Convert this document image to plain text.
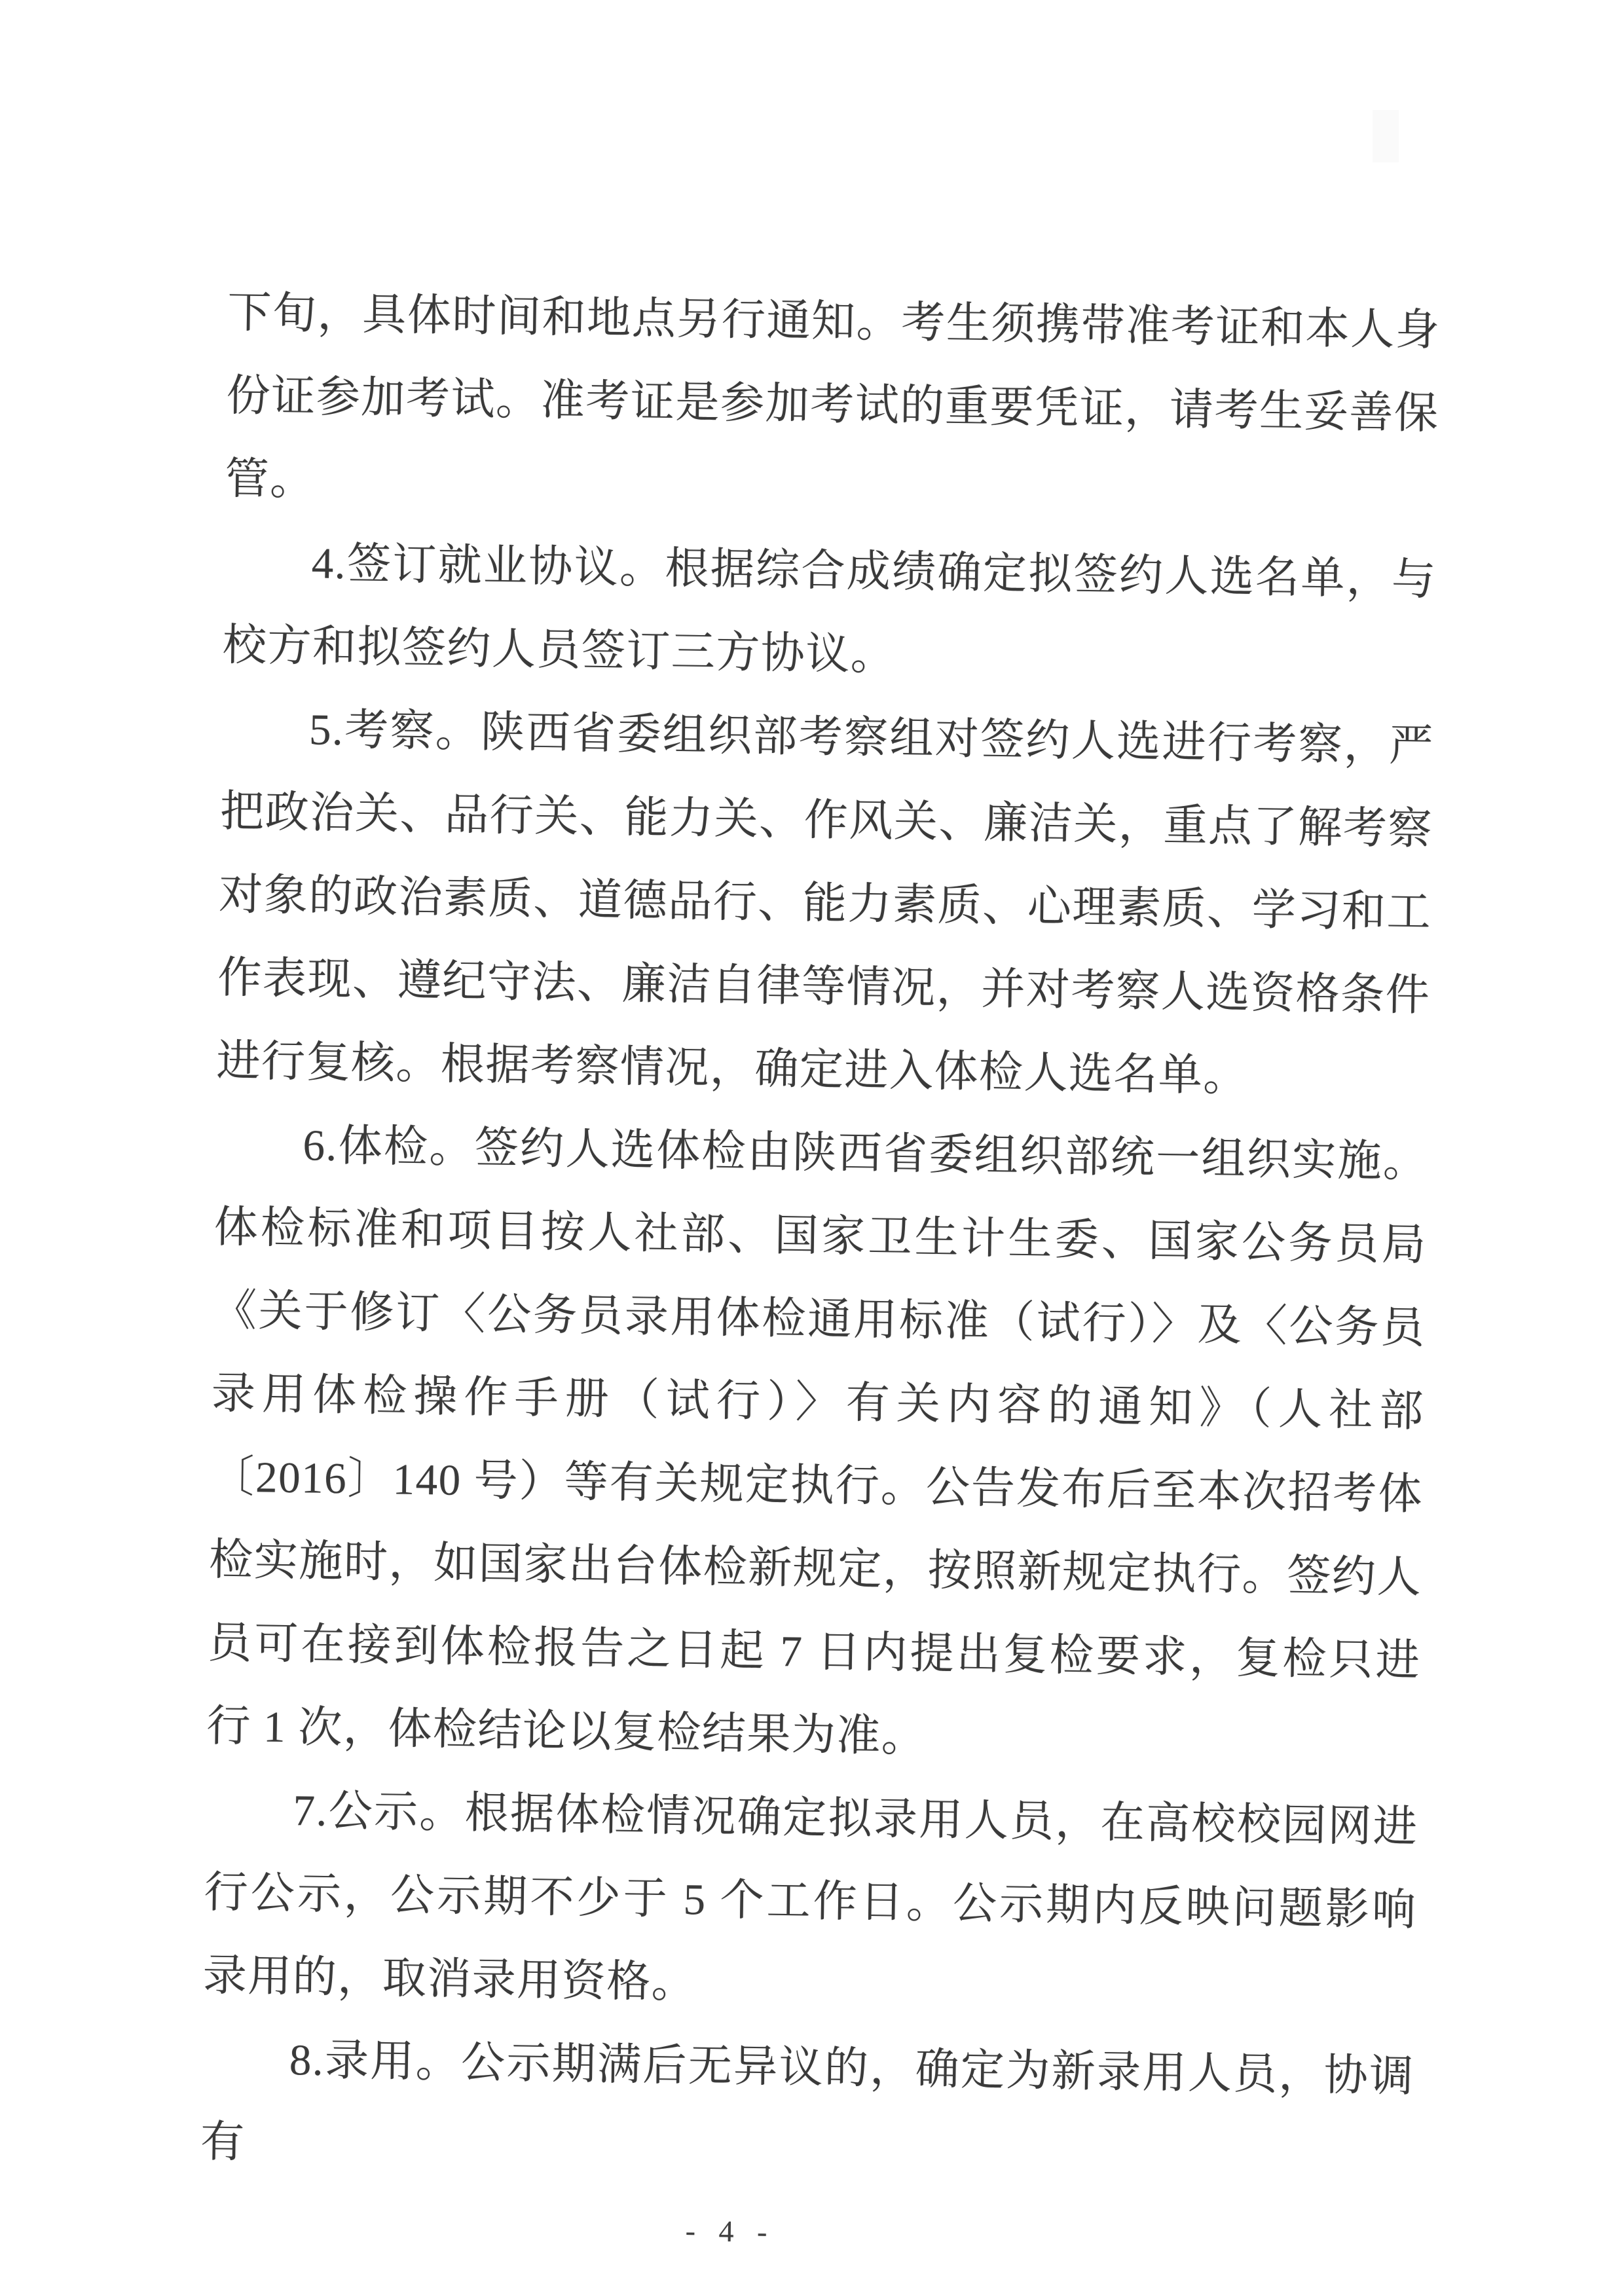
下旬，具体时间和地点另行通知。考生须携带准考证和本人身份证参加考试。准考证是参加考试的重要凭证，请考生妥善保管。

4.签订就业协议。根据综合成绩确定拟签约人选名单，与校方和拟签约人员签订三方协议。

5.考察。陕西省委组织部考察组对签约人选进行考察，严把政治关、品行关、能力关、作风关、廉洁关，重点了解考察对象的政治素质、道德品行、能力素质、心理素质、学习和工作表现、遵纪守法、廉洁自律等情况，并对考察人选资格条件进行复核。根据考察情况，确定进入体检人选名单。

6.体检。签约人选体检由陕西省委组织部统一组织实施。体检标准和项目按人社部、国家卫生计生委、国家公务员局《关于修订〈公务员录用体检通用标准（试行）〉及〈公务员录用体检操作手册（试行）〉有关内容的通知》（人社部〔2016〕140 号）等有关规定执行。公告发布后至本次招考体检实施时，如国家出台体检新规定，按照新规定执行。签约人员可在接到体检报告之日起 7 日内提出复检要求，复检只进行 1 次，体检结论以复检结果为准。

7.公示。根据体检情况确定拟录用人员，在高校校园网进行公示，公示期不少于 5 个工作日。公示期内反映问题影响录用的，取消录用资格。

8.录用。公示期满后无异议的，确定为新录用人员，协调有

- 4 -
